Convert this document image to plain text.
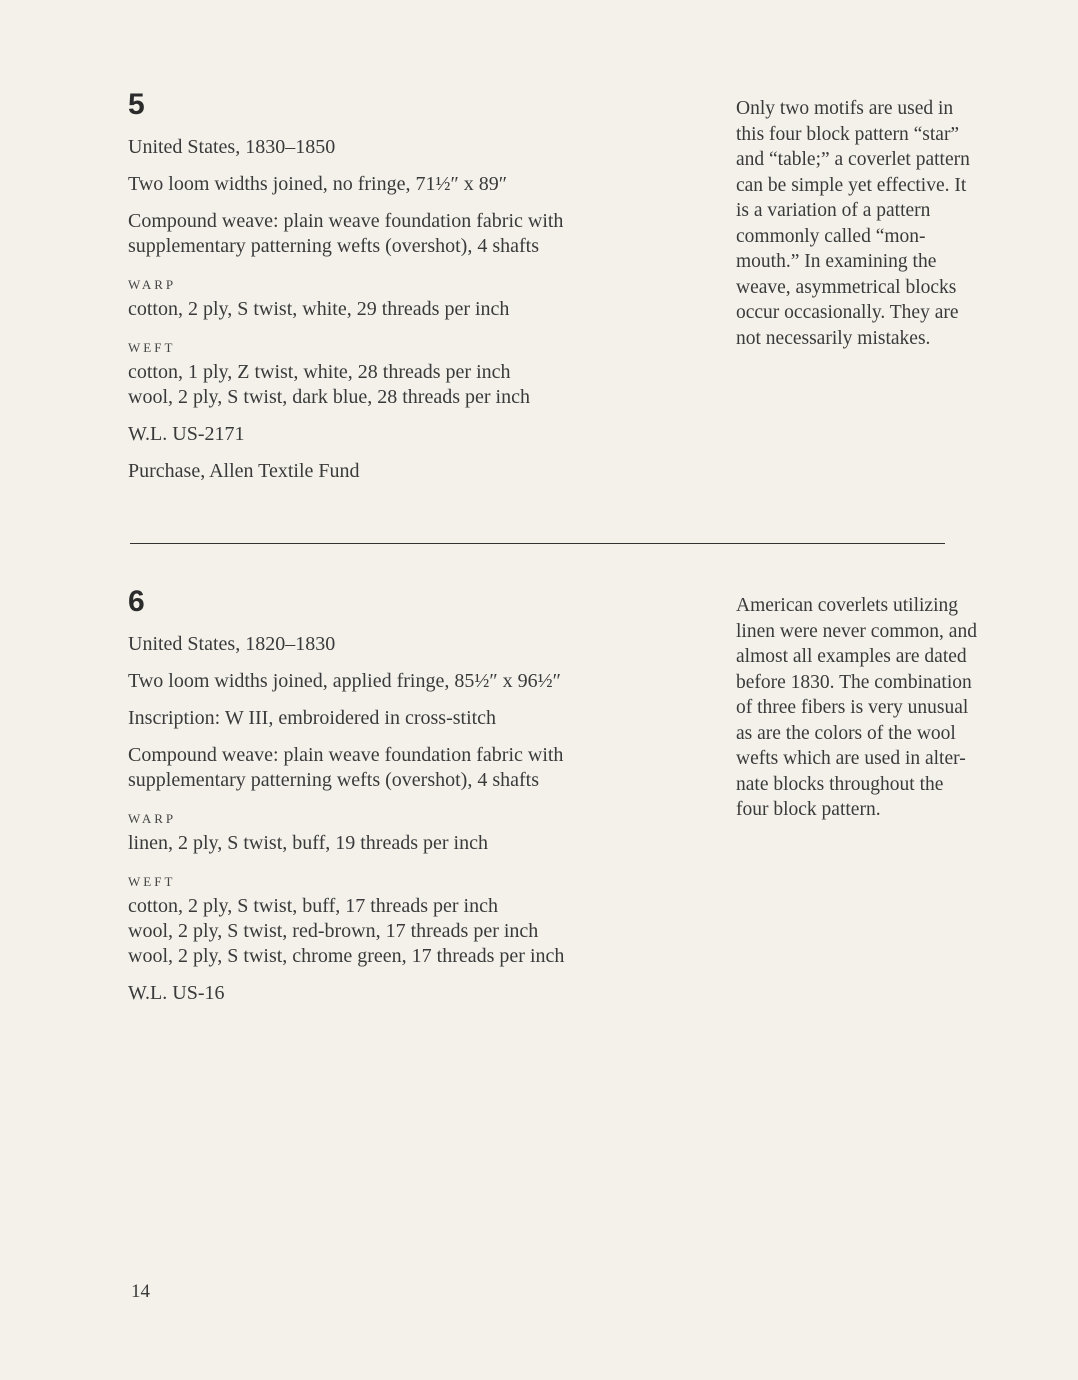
5

United States, 1830–1850

Two loom widths joined, no fringe, 71½″ x 89″

Compound weave: plain weave foundation fabric with

supplementary patterning wefts (overshot), 4 shafts

WARP

cotton, 2 ply, S twist, white, 29 threads per inch

WEFT

cotton, 1 ply, Z twist, white, 28 threads per inch

wool, 2 ply, S twist, dark blue, 28 threads per inch

W.L. US-2171

Purchase, Allen Textile Fund

Only two motifs are used in
this four block pattern “star”
and “table;” a coverlet pattern
can be simple yet effective. It
is a variation of a pattern
commonly called “mon-
mouth.” In examining the
weave, asymmetrical blocks
occur occasionally. They are
not necessarily mistakes.

6

United States, 1820–1830

Two loom widths joined, applied fringe, 85½″ x 96½″

Inscription: W III, embroidered in cross-stitch

Compound weave: plain weave foundation fabric with

supplementary patterning wefts (overshot), 4 shafts

WARP

linen, 2 ply, S twist, buff, 19 threads per inch

WEFT

cotton, 2 ply, S twist, buff, 17 threads per inch

wool, 2 ply, S twist, red-brown, 17 threads per inch

wool, 2 ply, S twist, chrome green, 17 threads per inch

W.L. US-16

American coverlets utilizing
linen were never common, and
almost all examples are dated
before 1830. The combination
of three fibers is very unusual
as are the colors of the wool
wefts which are used in alter-
nate blocks throughout the
four block pattern.

14
